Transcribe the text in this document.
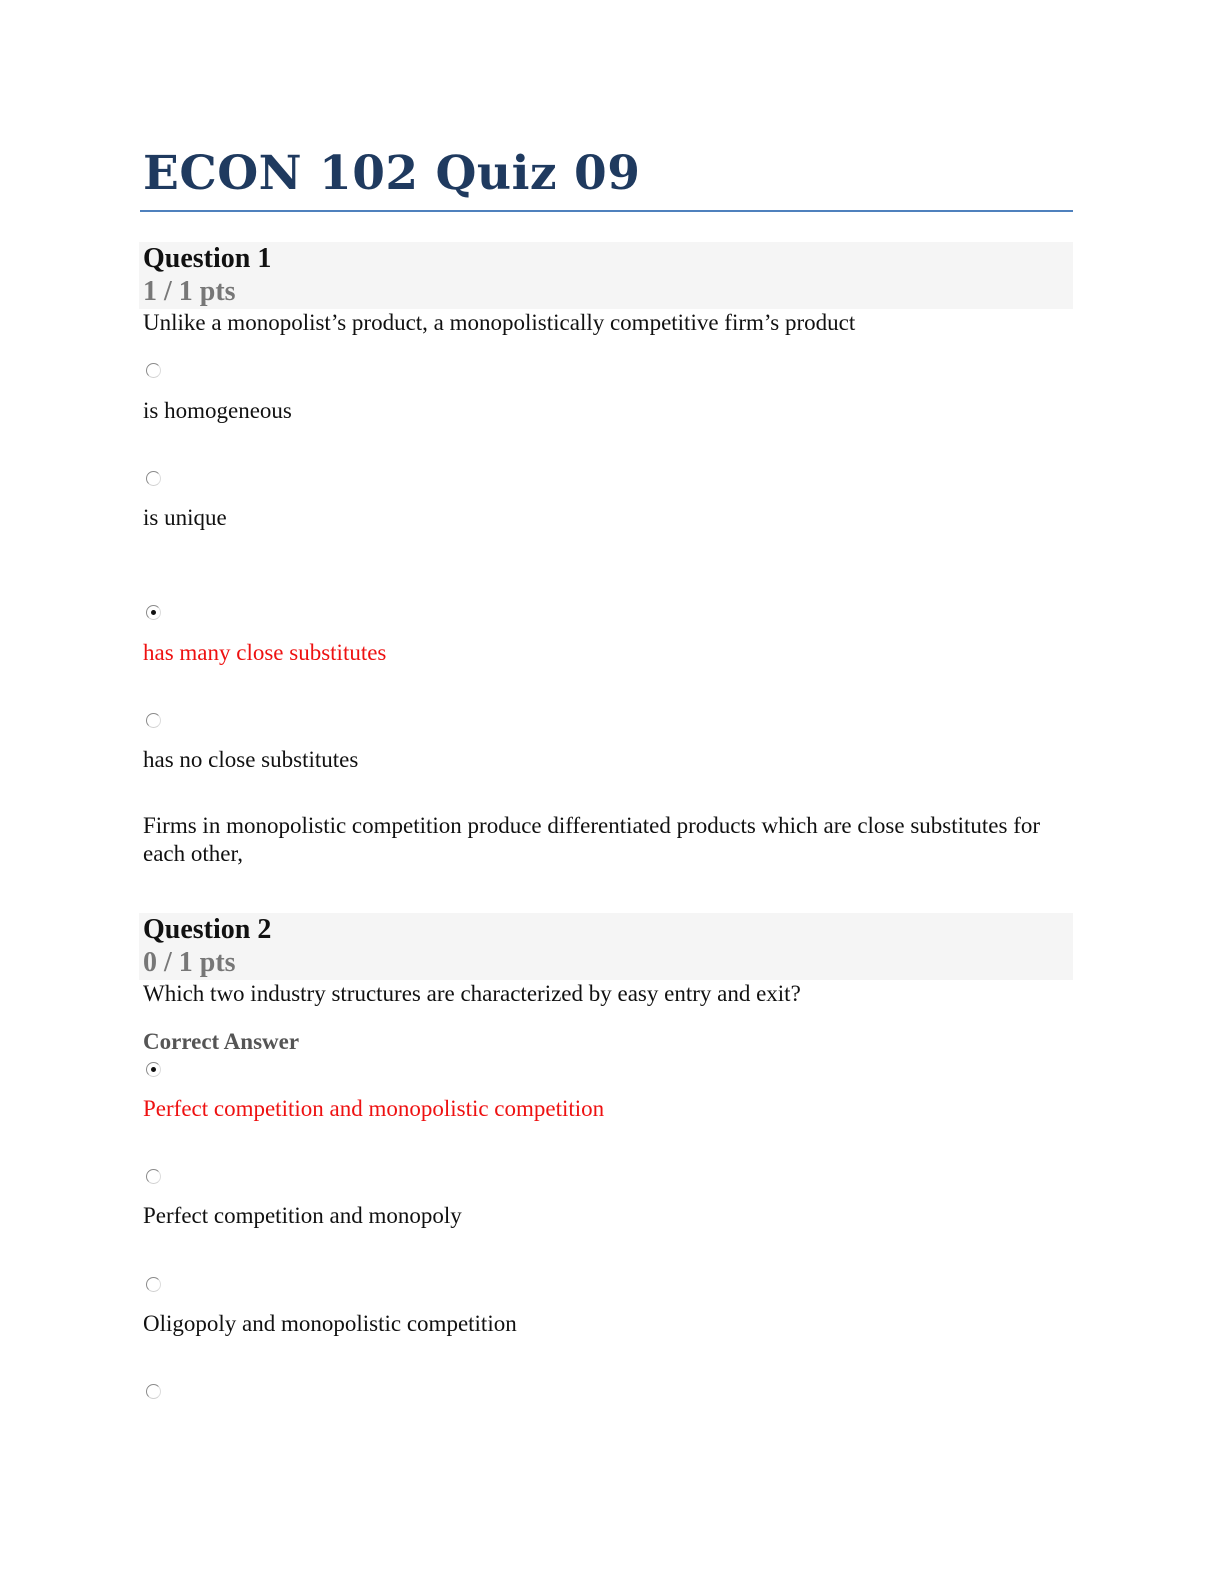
ECON 102 Quiz 09
Question 1
1 / 1 pts
Unlike a monopolist’s product, a monopolistically competitive firm’s product
is homogeneous
is unique
has many close substitutes
has no close substitutes
Firms in monopolistic competition produce differentiated products which are close substitutes for each other,
Question 2
0 / 1 pts
Which two industry structures are characterized by easy entry and exit?
Correct Answer
Perfect competition and monopolistic competition
Perfect competition and monopoly
Oligopoly and monopolistic competition
